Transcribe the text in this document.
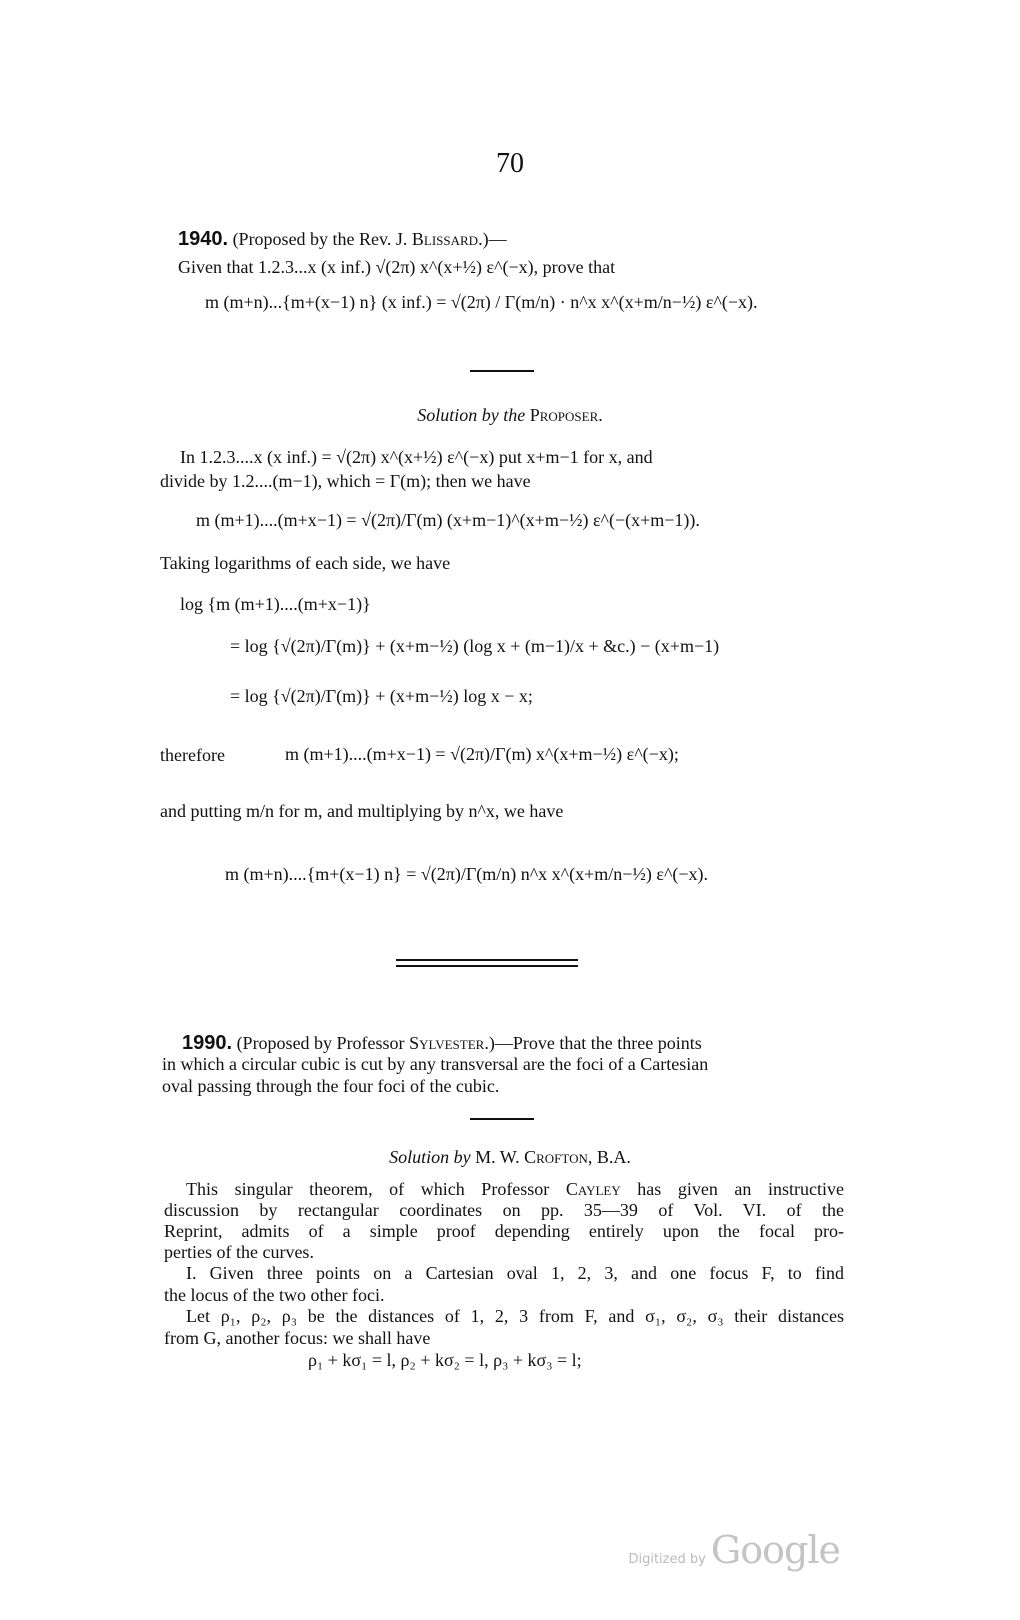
70
1940. (Proposed by the Rev. J. Blissard.)—
Given that 1.2.3...x (x inf.) √(2π) x^(x+½) ε^(−x), prove that
m (m+n)...{m+(x−1) n} (x inf.) = √(2π) / Γ(m/n) · n^x x^(x+m/n−½) ε^(−x).
Solution by the Proposer.
In 1.2.3....x (x inf.) = √(2π) x^(x+½) ε^(−x) put x+m−1 for x, and
divide by 1.2....(m−1), which = Γ(m); then we have
m (m+1)....(m+x−1) = √(2π)/Γ(m) (x+m−1)^(x+m−½) ε^(−(x+m−1)).
Taking logarithms of each side, we have
log {m (m+1)....(m+x−1)}
= log {√(2π)/Γ(m)} + (x+m−½) (log x + (m−1)/x + &c.) − (x+m−1)
= log {√(2π)/Γ(m)} + (x+m−½) log x − x;
therefore	m (m+1)....(m+x−1) = √(2π)/Γ(m) x^(x+m−½) ε^(−x);
and putting m/n for m, and multiplying by n^x, we have
m (m+n)....{m+(x−1) n} = √(2π)/Γ(m/n) n^x x^(x+m/n−½) ε^(−x).
1990. (Proposed by Professor Sylvester.)—Prove that the three points
in which a circular cubic is cut by any transversal are the foci of a Cartesian
oval passing through the four foci of the cubic.
Solution by M. W. Crofton, B.A.
This singular theorem, of which Professor Cayley has given an instructive
discussion by rectangular coordinates on pp. 35—39 of Vol. VI. of the
Reprint, admits of a simple proof depending entirely upon the focal pro-
perties of the curves.
I. Given three points on a Cartesian oval 1, 2, 3, and one focus F, to find
the locus of the two other foci.
Let ρ₁, ρ₂, ρ₃ be the distances of 1, 2, 3 from F, and σ₁, σ₂, σ₃ their distances
from G, another focus: we shall have
ρ₁ + kσ₁ = l, ρ₂ + kσ₂ = l, ρ₃ + kσ₃ = l;
Digitized by Google
